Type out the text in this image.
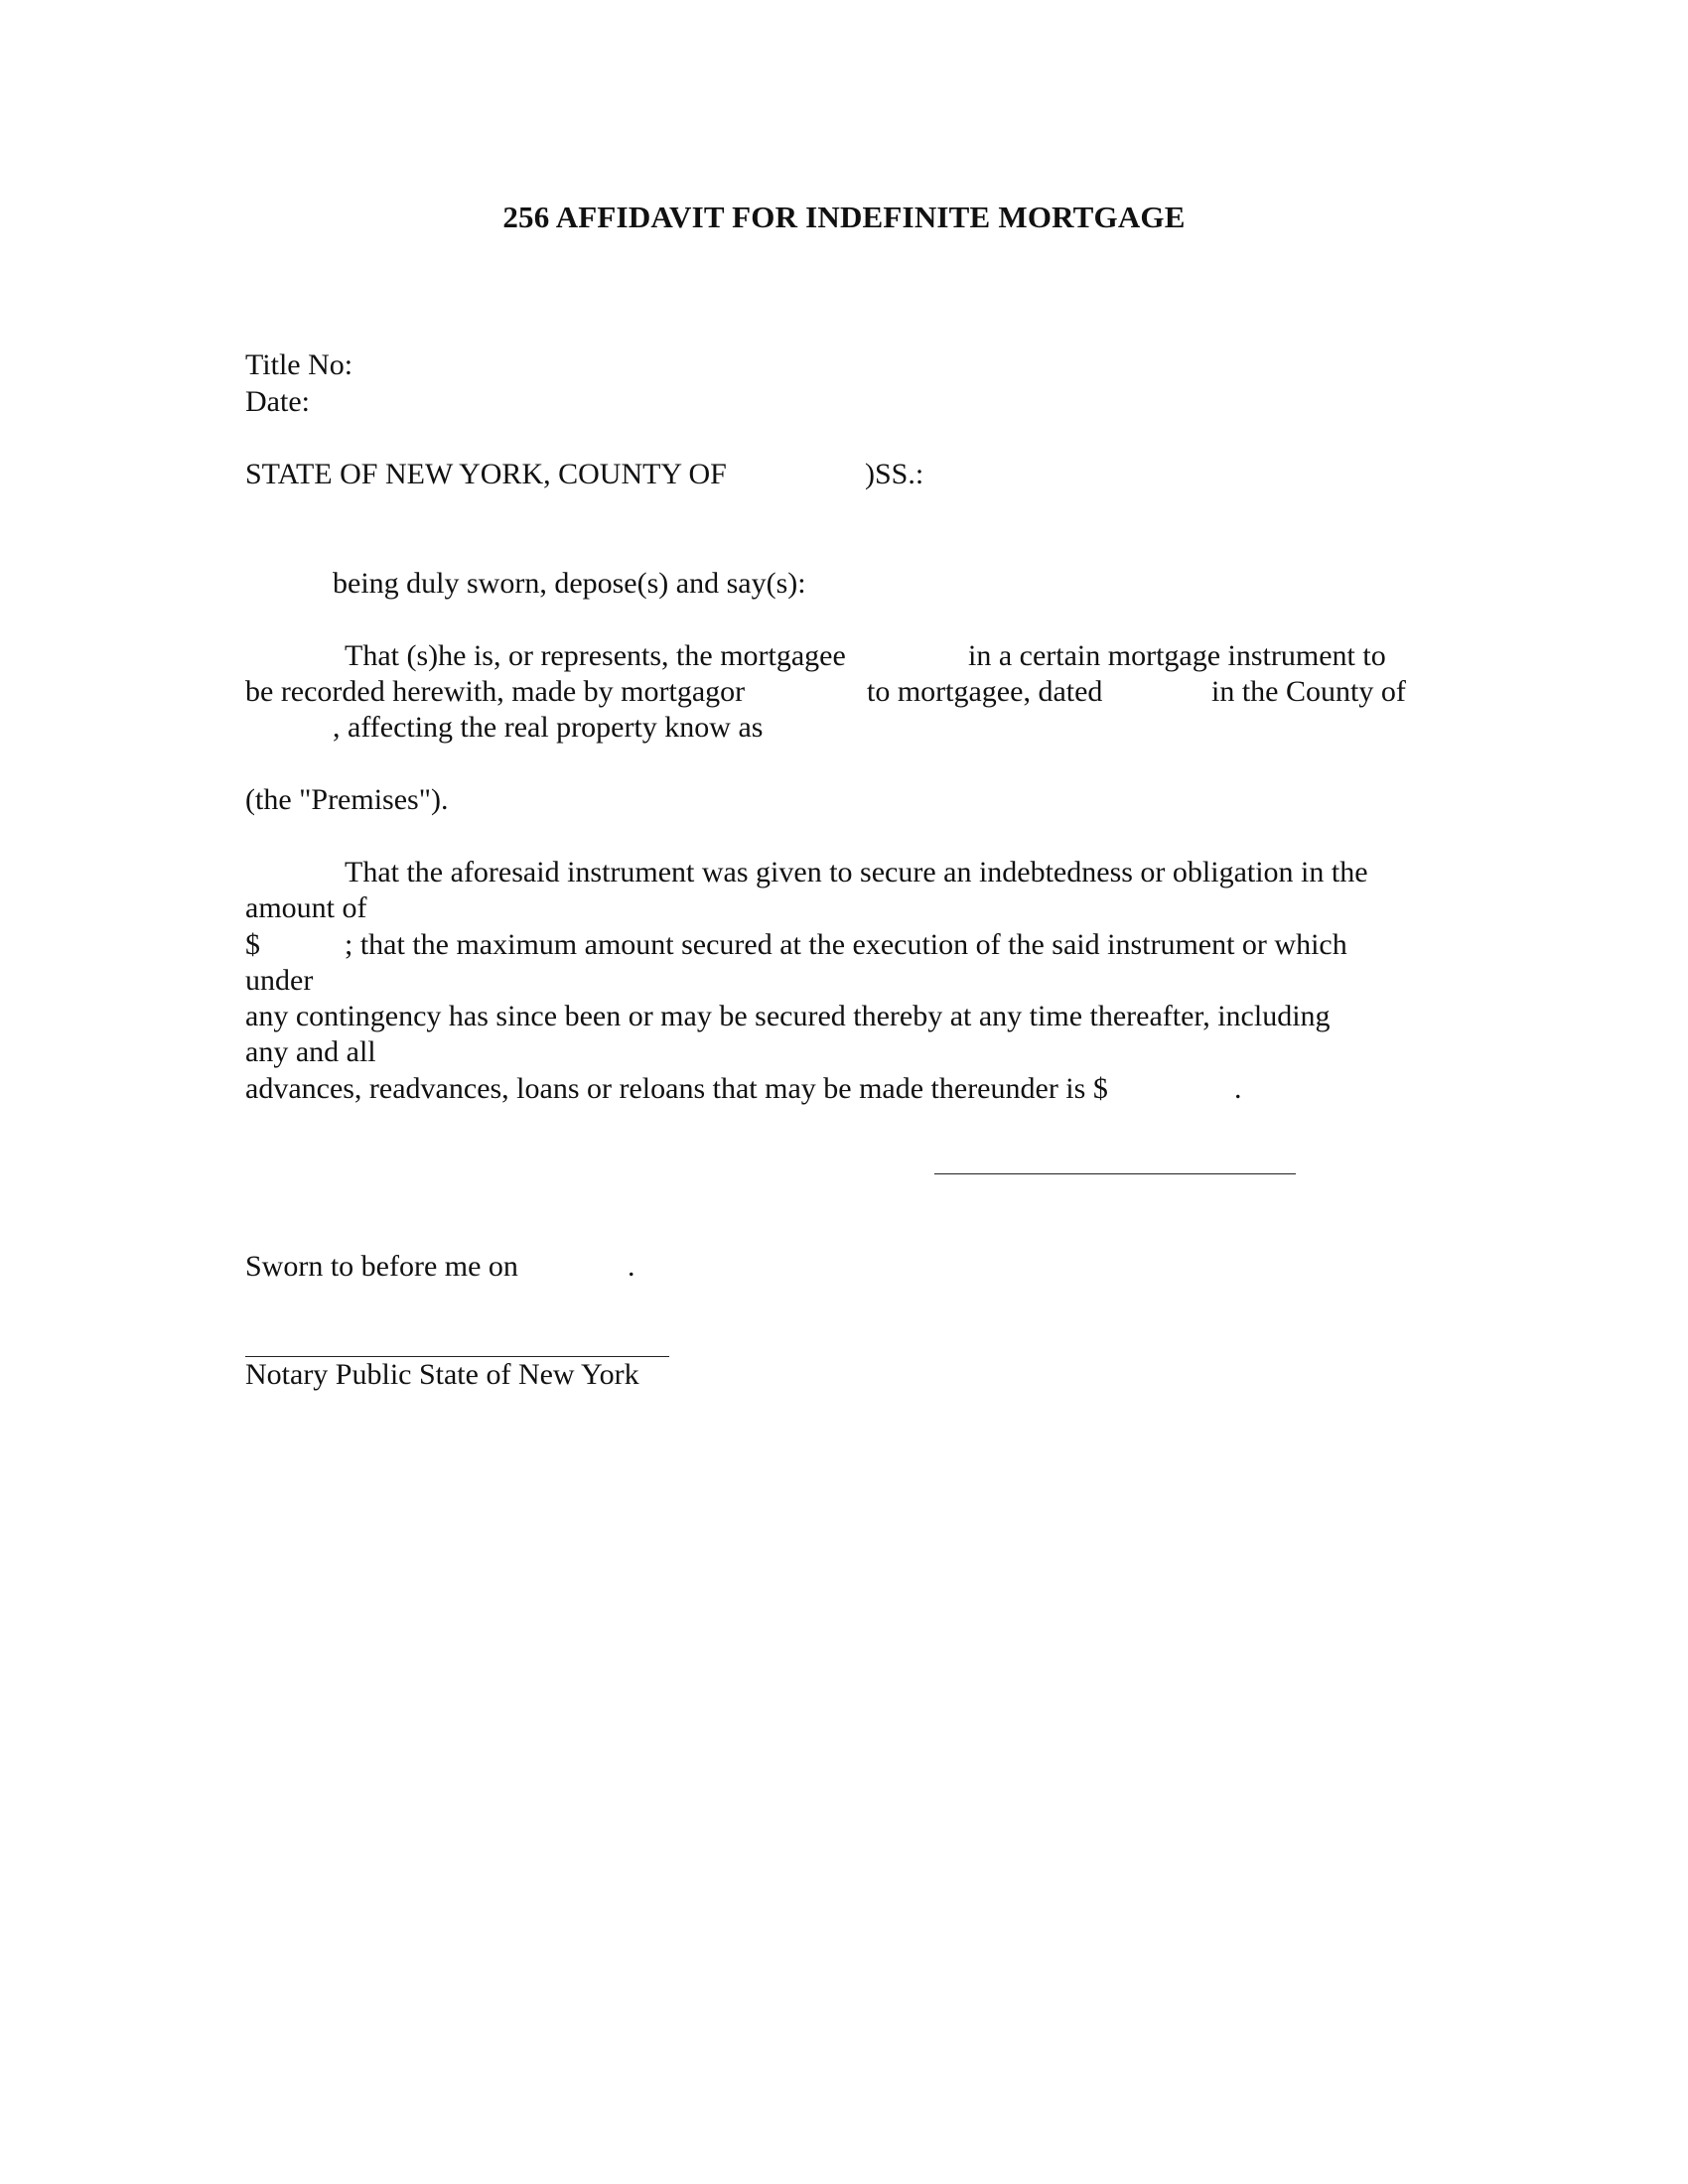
256 AFFIDAVIT FOR INDEFINITE MORTGAGE
Title No:
Date:
STATE OF NEW YORK, COUNTY OF	)SS.:
being duly sworn, depose(s) and say(s):
That (s)he is, or represents, the mortgagee	in a certain mortgage instrument to
be recorded herewith, made by mortgagor	to mortgagee, dated	in the County of
, affecting the real property know as
(the "Premises").
That the aforesaid instrument was given to secure an indebtedness or obligation in the
amount of
$	; that the maximum amount secured at the execution of the said instrument or which
under
any contingency has since been or may be secured thereby at any time thereafter, including
any and all
advances, readvances, loans or reloans that may be made thereunder is $	.
Sworn to before me on	.
Notary Public State of New York
